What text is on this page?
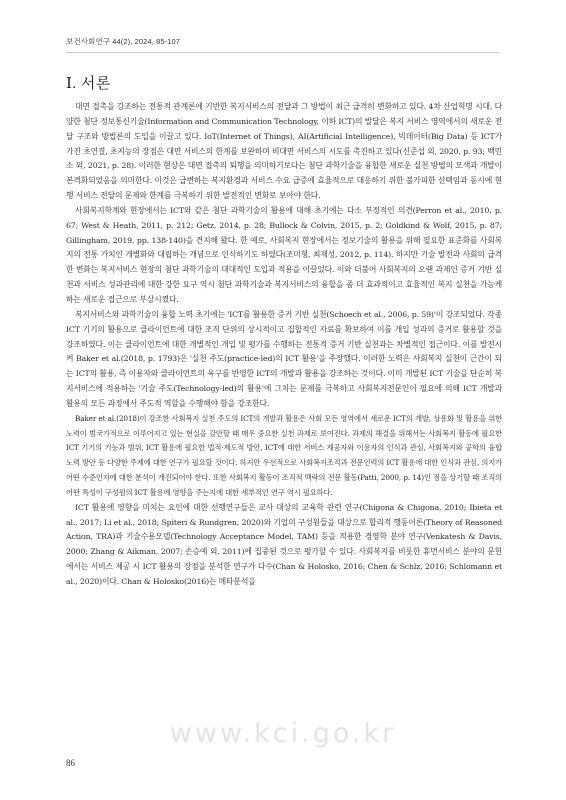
보건사회연구 44(2), 2024, 85-107
Ⅰ. 서론

대면 접촉을 강조하는 전통적 관계론에 기반한 복지서비스의 전달과 그 방법이 최근 급격히 변화하고 있다. 4차 산업혁명 시대, 다양한 첨단 정보통신기술(Information and Communication Technology, 이하 ICT)의 발달은 복지 서비스 영역에서의 새로운 전달 구조와 방법론의 도입을 이끌고 있다. IoT(Internet of Things), AI(Artificial Intelligence), 빅데이터(Big Data) 등 ICT가 가진 초연결, 초지능의 장점은 대면 서비스의 한계를 보완하며 비대면 서비스의 시도를 촉진하고 있다(신준섭 외, 2020, p. 93; 백민소 외, 2021, p. 28). 이러한 현상은 대면 접촉의 퇴행을 의미하기보다는 첨단 과학기술을 융합한 새로운 실천 방법의 모색과 개발이 본격화되었음을 의미한다. 이것은 급변하는 복지환경과 서비스 수요 급증에 효율적으로 대응하기 위한 불가피한 선택임과 동시에 현행 서비스 전달의 문제와 한계를 극복하기 위한 발전적인 변화로 보아야 한다.

사회복지학계와 현장에서는 ICT와 같은 첨단 과학기술의 활용에 대해 초기에는 다소 부정적인 의견(Perron et al., 2010, p. 67; West & Heath, 2011, p. 212; Getz, 2014, p. 28; Bullock & Colvin, 2015, p. 2; Goldkind & Wolf, 2015, p. 87; Gillingham, 2019, pp. 138-140)을 견지해 왔다. 한 예로, 사회복지 현장에서는 정보기술의 활용을 위해 필요한 표준화를 사회복지의 전통 가치인 개별화와 대립하는 개념으로 인식하기도 하였다(조미형, 최재성, 2012, p. 114). 하지만 기술 발전과 사회의 급격한 변화는 복지서비스 현장의 첨단 과학기술의 대대적인 도입과 적용을 이끌었다. 이와 더불어 사회복지의 오랜 과제인 증거 기반 실천과 서비스 성과관리에 대한 강한 요구 역시 첨단 과학기술과 복지서비스의 융합을 좀 더 효과적이고 효율적인 복지 실천을 가능케 하는 새로운 접근으로 부상시켰다.

복지서비스와 과학기술의 융합 노력 초기에는 'ICT를 활용한 증거 기반 실천(Schoech et al., 2006, p. 59)'이 강조되었다. 각종 ICT 기기의 활용으로 클라이언트에 대한 조직 단위의 상시적이고 집합적인 자료를 확보하여 이를 개입 성과의 증거로 활용할 것을 강조하였다. 이는 클라이언트에 대한 개별적인 개입 및 평가를 수행하는 전통적 증거 기반 실천과는 차별적인 접근이다. 이를 발전시켜 Baker et al.(2018, p. 1793)은 '실천 주도(practice-led)의 ICT 활용'을 주장했다. 이러한 노력은 사회복지 실천이 근간이 되는 ICT의 활용, 즉 이용자와 클라이언트의 욕구를 반영한 ICT의 개발과 활용을 강조하는 것이다. 이미 개발된 ICT 기술을 단순히 복지서비스에 적용하는 '기술 주도(Technology-led)의 활용'에 그치는 문제를 극복하고 사회복지전문인이 필요에 의해 ICT 개발과 활용의 모든 과정에서 주도적 역할을 수행해야 함을 강조한다.

Baker et al.(2018)이 강조한 사회복지 실천 주도의 ICT의 개발과 활용은 사회 모든 영역에서 새로운 ICT의 개발, 상용화 및 활용을 위한 노력이 범국가적으로 이루어지고 있는 현실을 감안할 때 매우 중요한 실천 과제로 보여진다. 과제의 해결을 위해서는 사회복지 활동에 필요한 ICT 기기의 기능과 범위, ICT 활용에 필요한 법적·제도적 방안, ICT에 대한 서비스 제공자와 이용자의 인식과 관심, 사회복지와 공학의 융합 노력 방안 등 다양한 주제에 대한 연구가 필요할 것이다. 하지만 우선적으로 사회복지조직과 전문인력의 ICT 활용에 대한 인식과 관심, 의지가 어떤 수준인지에 대한 분석이 개진되어야 한다. 또한 사회복지 활동이 조직적 맥락의 전문 활동(Patti, 2000, p. 14)인 점을 상기할 때 조직의 어떤 특성이 구성원의 ICT 활용에 영향을 주는지에 대한 세부적인 연구 역시 필요하다.

ICT 활용에 영향을 미치는 요인에 대한 선행연구들은 교사 대상의 교육학 관련 연구(Chigona & Chigona, 2010; Ibieta et al., 2017; Li et al., 2018; Spiteri & Rundgren, 2020)와 기업의 구성원들을 대상으로 합리적 행동이론(Theory of Reasoned Action, TRA)과 기술수용모델(Technology Acceptance Model, TAM) 등을 적용한 경영학 분야 연구(Venkatesh & Davis, 2000; Zhang & Aikman, 2007; 손승예 외, 2011)에 집중된 것으로 평가할 수 있다. 사회복지를 비롯한 휴먼서비스 분야의 문헌에서는 서비스 제공 시 ICT 활용의 장점을 분석한 연구가 다수(Chan & Holosko, 2016; Chen & Schlz, 2016; Schlomann et al., 2020)이다. Chan & Holosko(2016)는 메타분석을

www.kci.go.kr
86
